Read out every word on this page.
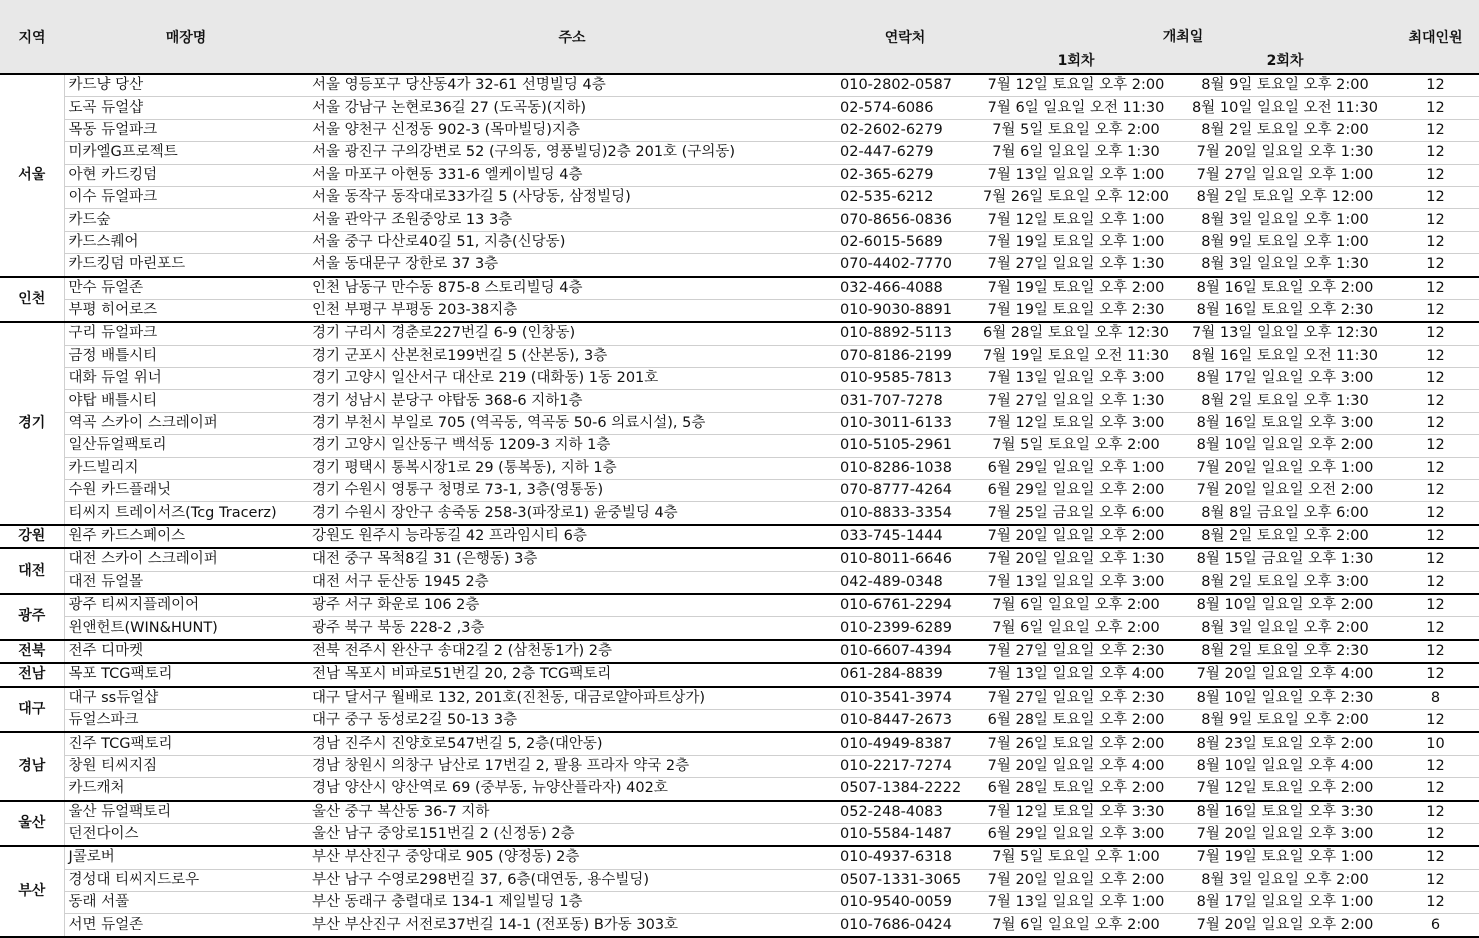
지역	매장명	주소	연락처	개최일		최대인원
				1회차	2회차	
서울	카드냥 당산	서울 영등포구 당산동4가 32-61 선명빌딩 4층	010-2802-0587	7월 12일 토요일 오후 2:00	8월 9일 토요일 오후 2:00	12
	도곡 듀얼샵	서울 강남구 논현로36길 27 (도곡동)(지하)	02-574-6086	7월 6일 일요일 오전 11:30	8월 10일 일요일 오전 11:30	12
	목동 듀얼파크	서울 양천구 신정동 902-3 (목마빌딩)지층	02-2602-6279	7월 5일 토요일 오후 2:00	8월 2일 토요일 오후 2:00	12
	미카엘G프로젝트	서울 광진구 구의강변로 52 (구의동, 영풍빌딩)2층 201호 (구의동)	02-447-6279	7월 6일 일요일 오후 1:30	7월 20일 일요일 오후 1:30	12
	아현 카드킹덤	서울 마포구 아현동 331-6 엘케이빌딩 4층	02-365-6279	7월 13일 일요일 오후 1:00	7월 27일 일요일 오후 1:00	12
	이수 듀얼파크	서울 동작구 동작대로33가길 5 (사당동, 삼정빌딩)	02-535-6212	7월 26일 토요일 오후 12:00	8월 2일 토요일 오후 12:00	12
	카드숲	서울 관악구 조원중앙로 13 3층	070-8656-0836	7월 12일 토요일 오후 1:00	8월 3일 일요일 오후 1:00	12
	카드스퀘어	서울 중구 다산로40길 51, 지층(신당동)	02-6015-5689	7월 19일 토요일 오후 1:00	8월 9일 토요일 오후 1:00	12
	카드킹덤 마린포드	서울 동대문구 장한로 37 3층	070-4402-7770	7월 27일 일요일 오후 1:30	8월 3일 일요일 오후 1:30	12
인천	만수 듀얼존	인천 남동구 만수동 875-8 스토리빌딩 4층	032-466-4088	7월 19일 토요일 오후 2:00	8월 16일 토요일 오후 2:00	12
	부평 히어로즈	인천 부평구 부평동 203-38지층	010-9030-8891	7월 19일 토요일 오후 2:30	8월 16일 토요일 오후 2:30	12
경기	구리 듀얼파크	경기 구리시 경춘로227번길 6-9 (인창동)	010-8892-5113	6월 28일 토요일 오후 12:30	7월 13일 일요일 오후 12:30	12
	금정 배틀시티	경기 군포시 산본천로199번길 5 (산본동), 3층	070-8186-2199	7월 19일 토요일 오전 11:30	8월 16일 토요일 오전 11:30	12
	대화 듀얼 위너	경기 고양시 일산서구 대산로 219 (대화동) 1동 201호	010-9585-7813	7월 13일 일요일 오후 3:00	8월 17일 일요일 오후 3:00	12
	야탑 배틀시티	경기 성남시 분당구 야탑동 368-6 지하1층	031-707-7278	7월 27일 일요일 오후 1:30	8월 2일 토요일 오후 1:30	12
	역곡 스카이 스크레이퍼	경기 부천시 부일로 705 (역곡동, 역곡동 50-6 의료시설), 5층	010-3011-6133	7월 12일 토요일 오후 3:00	8월 16일 토요일 오후 3:00	12
	일산듀얼팩토리	경기 고양시 일산동구 백석동 1209-3 지하 1층	010-5105-2961	7월 5일 토요일 오후 2:00	8월 10일 일요일 오후 2:00	12
	카드빌리지	경기 평택시 통복시장1로 29 (통복동), 지하 1층	010-8286-1038	6월 29일 일요일 오후 1:00	7월 20일 일요일 오후 1:00	12
	수원 카드플래닛	경기 수원시 영통구 청명로 73-1, 3층(영통동)	070-8777-4264	6월 29일 일요일 오후 2:00	7월 20일 일요일 오전 2:00	12
	티씨지 트레이서즈(Tcg Tracerz)	경기 수원시 장안구 송죽동 258-3(파장로1) 윤중빌딩 4층	010-8833-3354	7월 25일 금요일 오후 6:00	8월 8일 금요일 오후 6:00	12
강원	원주 카드스페이스	강원도 원주시 능라동길 42 프라임시티 6층	033-745-1444	7월 20일 일요일 오후 2:00	8월 2일 토요일 오후 2:00	12
대전	대전 스카이 스크레이퍼	대전 중구 목척8길 31 (은행동) 3층	010-8011-6646	7월 20일 일요일 오후 1:30	8월 15일 금요일 오후 1:30	12
	대전 듀얼몰	대전 서구 둔산동 1945 2층	042-489-0348	7월 13일 일요일 오후 3:00	8월 2일 토요일 오후 3:00	12
광주	광주 티씨지플레이어	광주 서구 화운로 106 2층	010-6761-2294	7월 6일 일요일 오후 2:00	8월 10일 일요일 오후 2:00	12
	윈앤헌트(WIN&HUNT)	광주 북구 북동 228-2 ,3층	010-2399-6289	7월 6일 일요일 오후 2:00	8월 3일 일요일 오후 2:00	12
전북	전주 디마켓	전북 전주시 완산구 송대2길 2 (삼천동1가) 2층	010-6607-4394	7월 27일 일요일 오후 2:30	8월 2일 토요일 오후 2:30	12
전남	목포 TCG팩토리	전남 목포시 비파로51번길 20, 2층 TCG팩토리	061-284-8839	7월 13일 일요일 오후 4:00	7월 20일 일요일 오후 4:00	12
대구	대구 ss듀얼샵	대구 달서구 월배로 132, 201호(진천동, 대금로얄아파트상가)	010-3541-3974	7월 27일 일요일 오후 2:30	8월 10일 일요일 오후 2:30	8
	듀얼스파크	대구 중구 동성로2길 50-13 3층	010-8447-2673	6월 28일 토요일 오후 2:00	8월 9일 토요일 오후 2:00	12
경남	진주 TCG팩토리	경남 진주시 진양호로547번길 5, 2층(대안동)	010-4949-8387	7월 26일 토요일 오후 2:00	8월 23일 토요일 오후 2:00	10
	창원 티씨지짐	경남 창원시 의창구 남산로 17번길 2, 팔용 프라자 약국 2층	010-2217-7274	7월 20일 일요일 오후 4:00	8월 10일 일요일 오후 4:00	12
	카드캐처	경남 양산시 양산역로 69 (중부동, 뉴양산플라자) 402호	0507-1384-2222	6월 28일 토요일 오후 2:00	7월 12일 토요일 오후 2:00	12
울산	울산 듀얼팩토리	울산 중구 복산동 36-7 지하	052-248-4083	7월 12일 토요일 오후 3:30	8월 16일 토요일 오후 3:30	12
	던전다이스	울산 남구 중앙로151번길 2 (신정동) 2층	010-5584-1487	6월 29일 일요일 오후 3:00	7월 20일 일요일 오후 3:00	12
부산	J콜로버	부산 부산진구 중앙대로 905 (양정동) 2층	010-4937-6318	7월 5일 토요일 오후 1:00	7월 19일 토요일 오후 1:00	12
	경성대 티씨지드로우	부산 남구 수영로298번길 37, 6층(대연동, 용수빌딩)	0507-1331-3065	7월 20일 일요일 오후 2:00	8월 3일 일요일 오후 2:00	12
	동래 서풀	부산 동래구 충렬대로 134-1 제일빌딩 1층	010-9540-0059	7월 13일 일요일 오후 1:00	8월 17일 일요일 오후 1:00	12
	서면 듀얼존	부산 부산진구 서전로37번길 14-1 (전포동) B가동 303호	010-7686-0424	7월 6일 일요일 오후 2:00	7월 20일 일요일 오후 2:00	6
